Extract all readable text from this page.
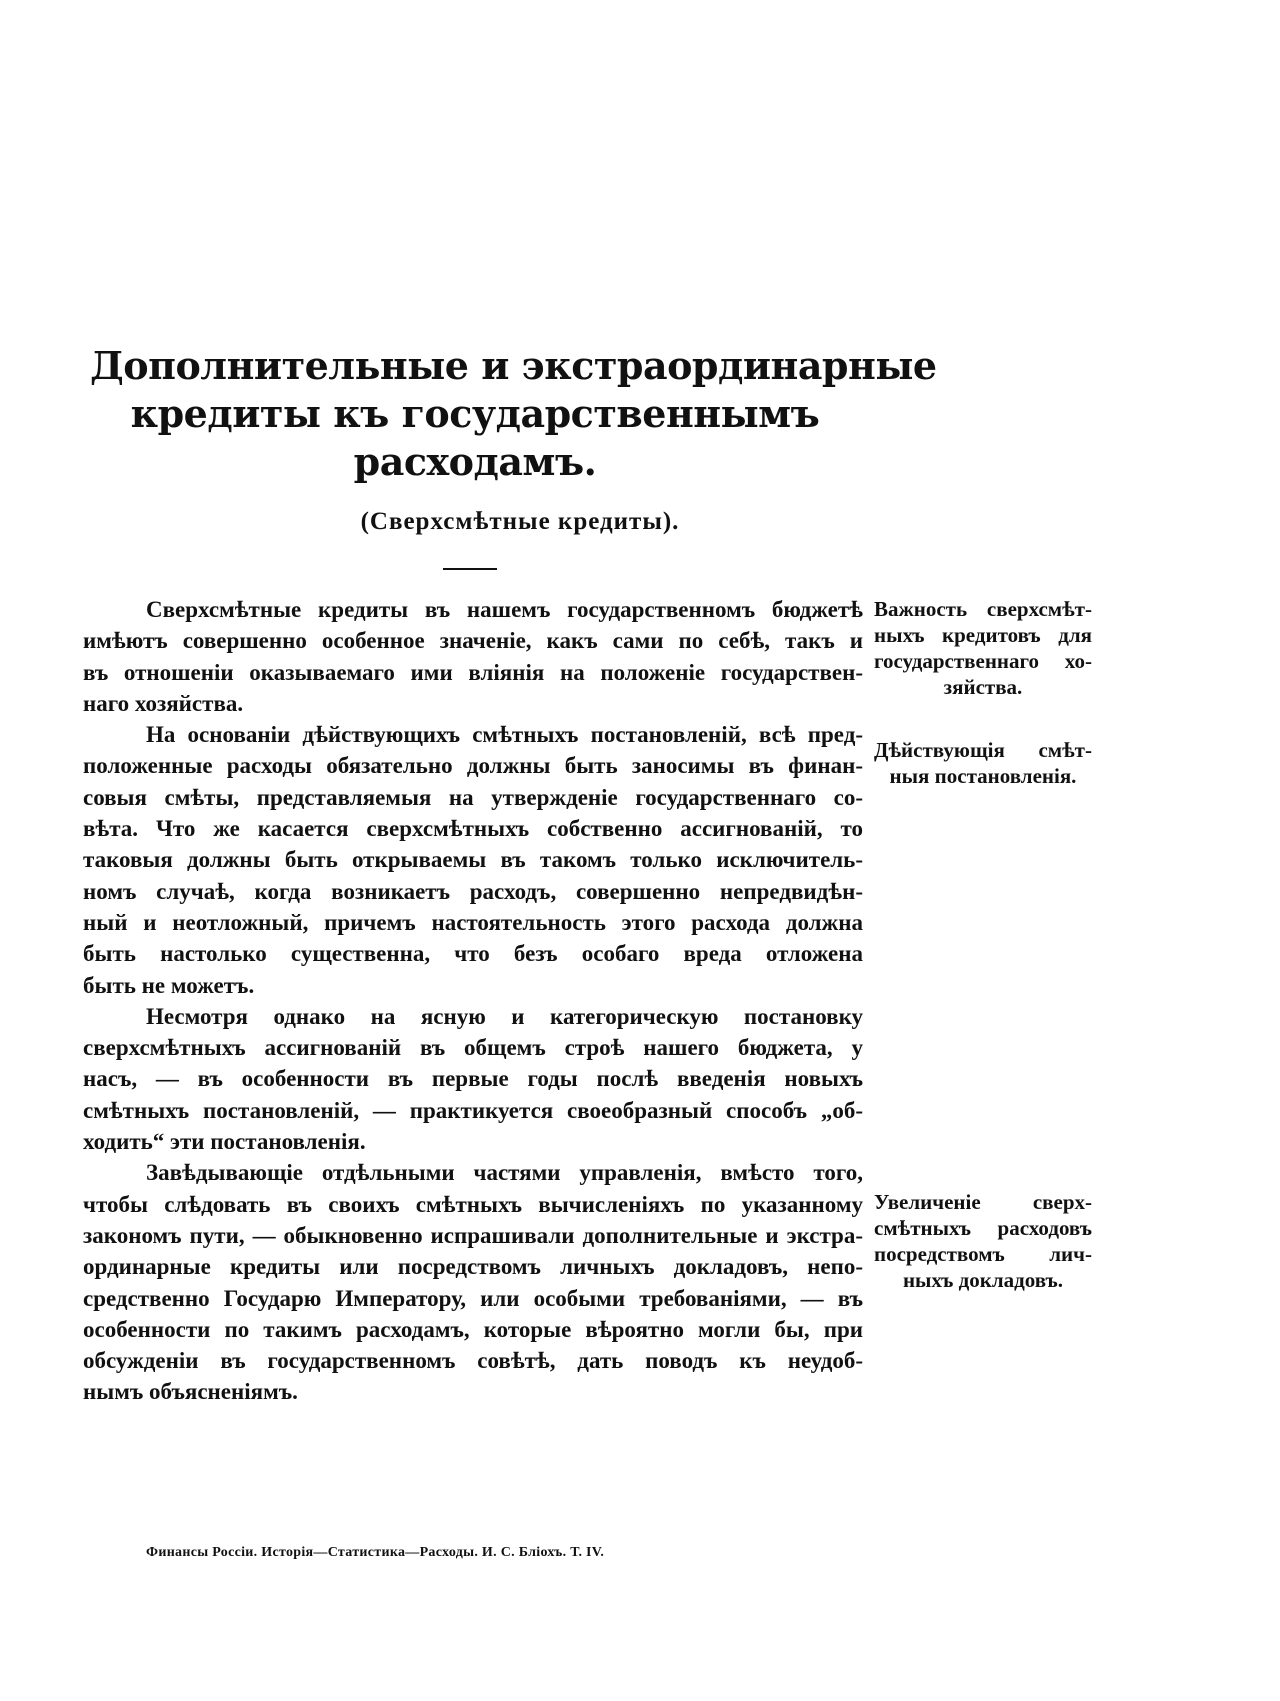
Дополнительные и экстраординарные
кредиты къ государственнымъ
расходамъ.
(Сверхсмѣтные кредиты).
Сверхсмѣтные кредиты въ нашемъ государственномъ бюджетѣ
имѣютъ совершенно особенное значеніе, какъ сами по себѣ, такъ и
въ отношеніи оказываемаго ими вліянія на положеніе государствен-
наго хозяйства.
На основаніи дѣйствующихъ смѣтныхъ постановленій, всѣ пред-
положенные расходы обязательно должны быть заносимы въ финан-
совыя смѣты, представляемыя на утвержденіе государственнаго со-
вѣта. Что же касается сверхсмѣтныхъ собственно ассигнованій, то
таковыя должны быть открываемы въ такомъ только исключитель-
номъ случаѣ, когда возникаетъ расходъ, совершенно непредвидѣн-
ный и неотложный, причемъ настоятельность этого расхода должна
быть настолько существенна, что безъ особаго вреда отложена
быть не можетъ.
Несмотря однако на ясную и категорическую постановку
сверхсмѣтныхъ ассигнованій въ общемъ строѣ нашего бюджета, у
насъ, — въ особенности въ первые годы послѣ введенія новыхъ
смѣтныхъ постановленій, — практикуется своеобразный способъ „об-
ходить“ эти постановленія.
Завѣдывающіе отдѣльными частями управленія, вмѣсто того,
чтобы слѣдовать въ своихъ смѣтныхъ вычисленіяхъ по указанному
закономъ пути, — обыкновенно испрашивали дополнительные и экстра-
ординарные кредиты или посредствомъ личныхъ докладовъ, непо-
средственно Государю Императору, или особыми требованіями, — въ
особенности по такимъ расходамъ, которые вѣроятно могли бы, при
обсужденіи въ государственномъ совѣтѣ, дать поводъ къ неудоб-
нымъ объясненіямъ.
Важность сверхсмѣт-
ныхъ кредитовъ для
государственнаго хо-
зяйства.
Дѣйствующія смѣт-
ныя постановленія.
Увеличеніе сверх-
смѣтныхъ расходовъ
посредствомъ лич-
ныхъ докладовъ.
Финансы Россіи. Исторія—Статистика—Расходы. И. С. Блiохъ. Т. IV.
